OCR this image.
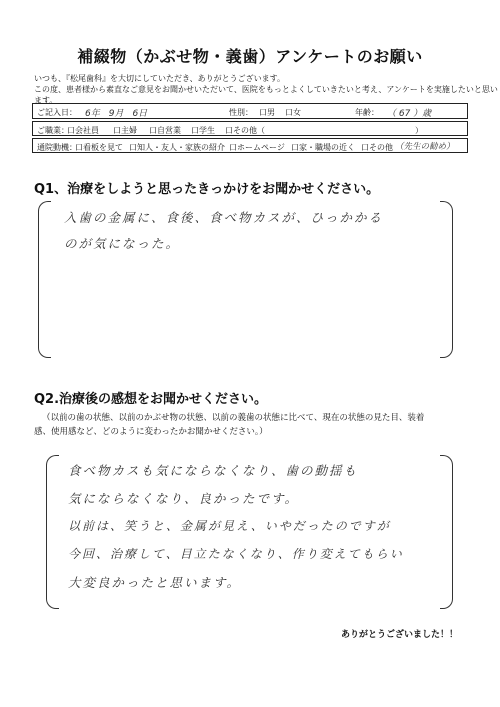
補綴物（かぶせ物・義歯）アンケートのお願い
いつも、『松尾歯科』を大切にしていただき、ありがとうございます。
この度、患者様から素直なご意見をお聞かせいただいて、医院をもっとよくしていきたいと考え、アンケートを実施したいと思います。
ご記入日： 6年　9月　6日	性別： 口男 口女	年齢： （ 67 ）歳
ご職業：
口会社員 口主婦 口自営業 口学生 口その他（	）
通院動機：
口看板を見て 口知人・友人・家族の紹介 口ホームページ 口家・職場の近く 口その他 （先生の勧め）
Q1、治療をしようと思ったきっかけをお聞かせください。
入歯の金属に、食後、食べ物カスが、ひっかかる
のが気になった。
Q2.治療後の感想をお聞かせください。
（以前の歯の状態、以前のかぶせ物の状態、以前の義歯の状態に比べて、現在の状態の見た目、装着
感、使用感など、どのように変わったかお聞かせください。）
食べ物カスも気にならなくなり、歯の動揺も
気にならなくなり、良かったです。
以前は、笑うと、金属が見え、いやだったのですが
今回、治療して、目立たなくなり、作り変えてもらい
大変良かったと思います。
ありがとうございました！！
